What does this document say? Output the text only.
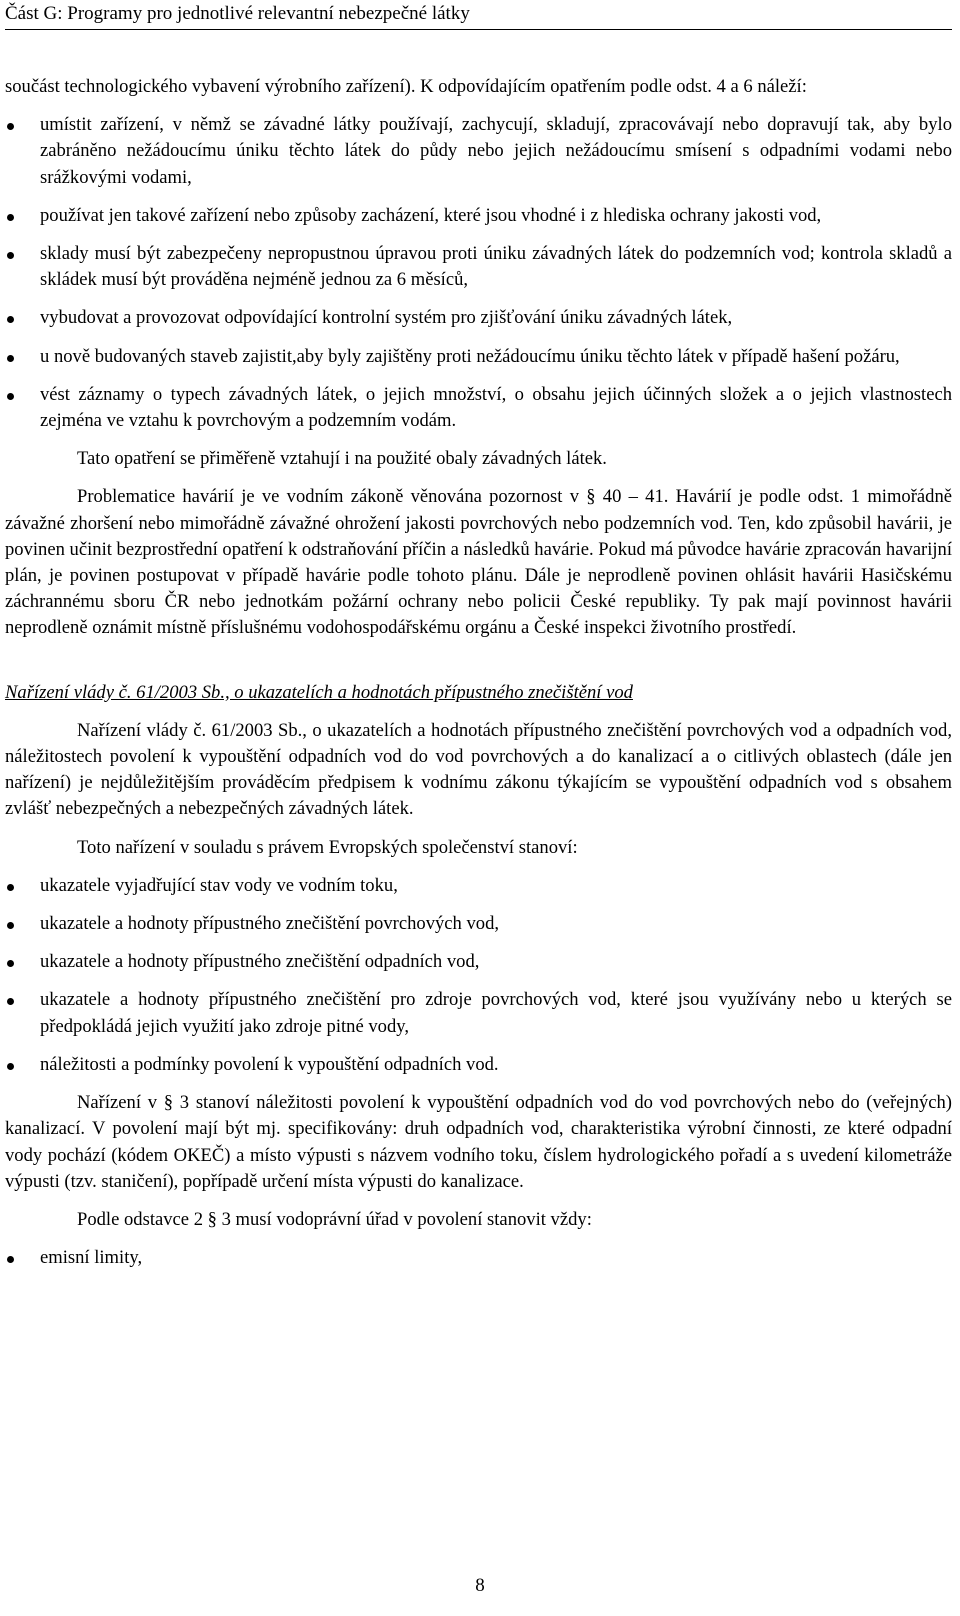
Část G: Programy pro jednotlivé relevantní nebezpečné látky

součást technologického vybavení výrobního zařízení). K odpovídajícím opatřením podle odst. 4 a 6 náleží:

umístit zařízení, v němž se závadné látky používají, zachycují, skladují, zpracovávají nebo dopravují tak, aby bylo zabráněno nežádoucímu úniku těchto látek do půdy nebo jejich nežádoucímu smísení s odpadními vodami nebo srážkovými vodami,
používat jen takové zařízení nebo způsoby zacházení, které jsou vhodné i z hlediska ochrany jakosti vod,
sklady musí být zabezpečeny nepropustnou úpravou proti úniku závadných látek do podzemních vod; kontrola skladů a skládek musí být prováděna nejméně jednou za 6 měsíců,
vybudovat a provozovat odpovídající kontrolní systém pro zjišťování úniku závadných látek,
u nově budovaných staveb zajistit,aby byly zajištěny proti nežádoucímu úniku těchto látek v případě hašení požáru,
vést záznamy o typech závadných látek, o jejich množství, o obsahu jejich účinných složek a o jejich vlastnostech zejména ve vztahu k povrchovým a podzemním vodám.

Tato opatření se přiměřeně vztahují i na použité obaly závadných látek.

Problematice havárií je ve vodním zákoně věnována pozornost v § 40 – 41. Havárií je podle odst. 1 mimořádně závažné zhoršení nebo mimořádně závažné ohrožení jakosti povrchových nebo podzemních vod. Ten, kdo způsobil havárii, je povinen učinit bezprostřední opatření k odstraňování příčin a následků havárie. Pokud má původce havárie zpracován havarijní plán, je povinen postupovat v případě havárie podle tohoto plánu. Dále je neprodleně povinen ohlásit havárii Hasičskému záchrannému sboru ČR nebo jednotkám požární ochrany nebo policii České republiky. Ty pak mají povinnost havárii neprodleně oznámit místně příslušnému vodohospodářskému orgánu a České inspekci životního prostředí.

Nařízení vlády č. 61/2003 Sb., o ukazatelích a hodnotách přípustného znečištění vod

Nařízení vlády č. 61/2003 Sb., o ukazatelích a hodnotách přípustného znečištění povrchových vod a odpadních vod, náležitostech povolení k vypouštění odpadních vod do vod povrchových a do kanalizací a o citlivých oblastech (dále jen nařízení) je nejdůležitějším prováděcím předpisem k vodnímu zákonu týkajícím se vypouštění odpadních vod s obsahem zvlášť nebezpečných a nebezpečných závadných látek.

Toto nařízení v souladu s právem Evropských společenství stanoví:

ukazatele vyjadřující stav vody ve vodním toku,
ukazatele a hodnoty přípustného znečištění povrchových vod,
ukazatele a hodnoty přípustného znečištění odpadních vod,
ukazatele a hodnoty přípustného znečištění pro zdroje povrchových vod, které jsou využívány nebo u kterých se předpokládá jejich využití jako zdroje pitné vody,
náležitosti a podmínky povolení k vypouštění odpadních vod.

Nařízení v § 3 stanoví náležitosti povolení k vypouštění odpadních vod do vod povrchových nebo do (veřejných) kanalizací. V povolení mají být mj. specifikovány: druh odpadních vod, charakteristika výrobní činnosti, ze které odpadní vody pochází (kódem OKEČ) a místo výpusti s názvem vodního toku, číslem hydrologického pořadí a s uvedení kilometráže výpusti (tzv. staničení), popřípadě určení místa výpusti do kanalizace.

Podle odstavce 2 § 3 musí vodoprávní úřad v povolení stanovit vždy:

emisní limity,
8
